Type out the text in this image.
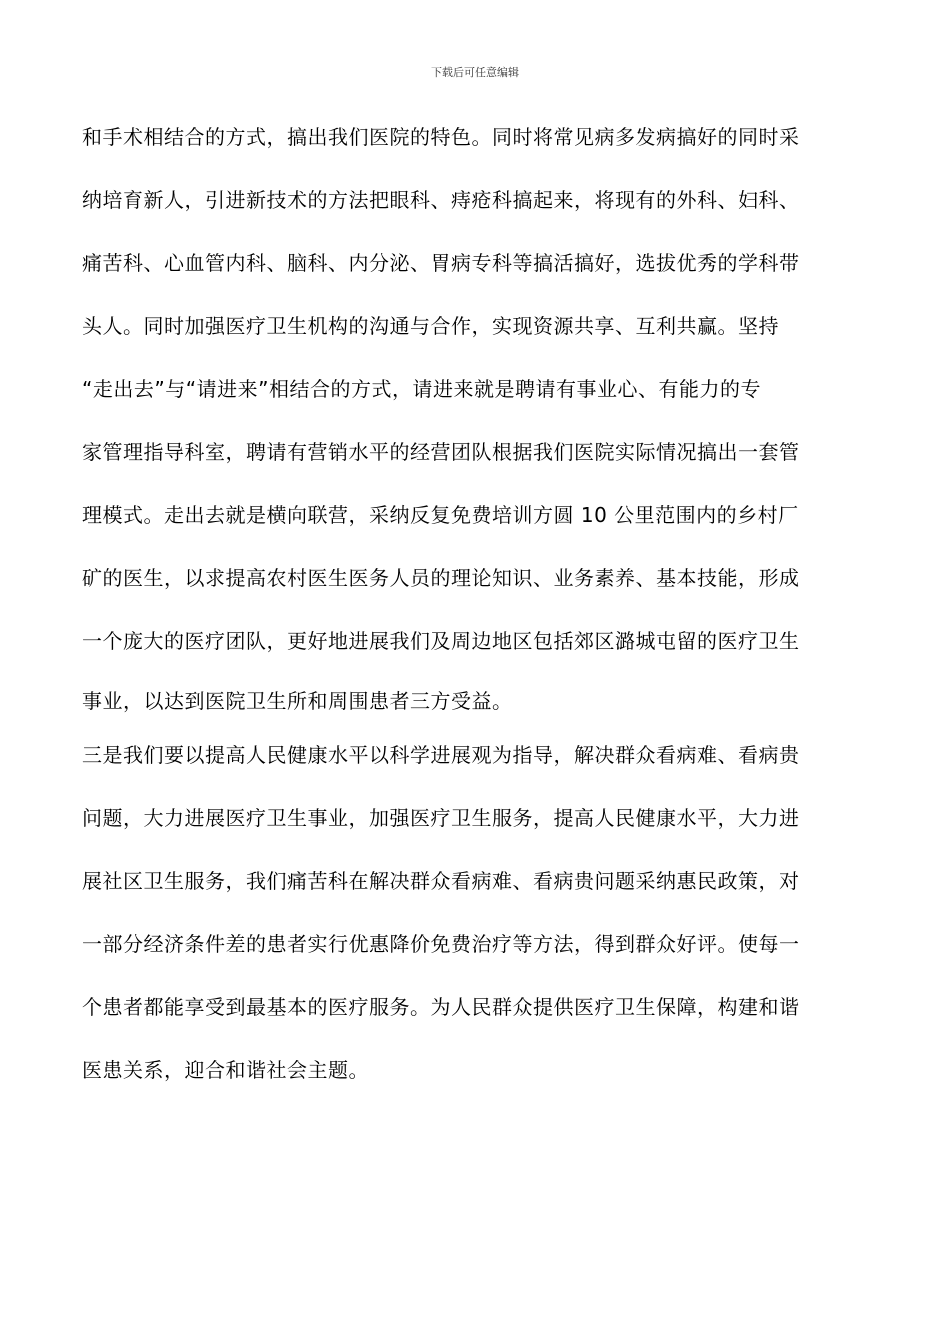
下载后可任意编辑
和手术相结合的方式，搞出我们医院的特色。同时将常见病多发病搞好的同时采
纳培育新人，引进新技术的方法把眼科、痔疮科搞起来，将现有的外科、妇科、
痛苦科、心血管内科、脑科、内分泌、胃病专科等搞活搞好，选拔优秀的学科带
头人。同时加强医疗卫生机构的沟通与合作，实现资源共享、互利共赢。坚持
“走出去”与“请进来”相结合的方式，请进来就是聘请有事业心、有能力的专
家管理指导科室，聘请有营销水平的经营团队根据我们医院实际情况搞出一套管
理模式。走出去就是横向联营，采纳反复免费培训方圆 10 公里范围内的乡村厂
矿的医生，以求提高农村医生医务人员的理论知识、业务素养、基本技能，形成
一个庞大的医疗团队，更好地进展我们及周边地区包括郊区潞城屯留的医疗卫生
事业，以达到医院卫生所和周围患者三方受益。
三是我们要以提高人民健康水平以科学进展观为指导，解决群众看病难、看病贵
问题，大力进展医疗卫生事业，加强医疗卫生服务，提高人民健康水平，大力进
展社区卫生服务，我们痛苦科在解决群众看病难、看病贵问题采纳惠民政策，对
一部分经济条件差的患者实行优惠降价免费治疗等方法，得到群众好评。使每一
个患者都能享受到最基本的医疗服务。为人民群众提供医疗卫生保障，构建和谐
医患关系，迎合和谐社会主题。
